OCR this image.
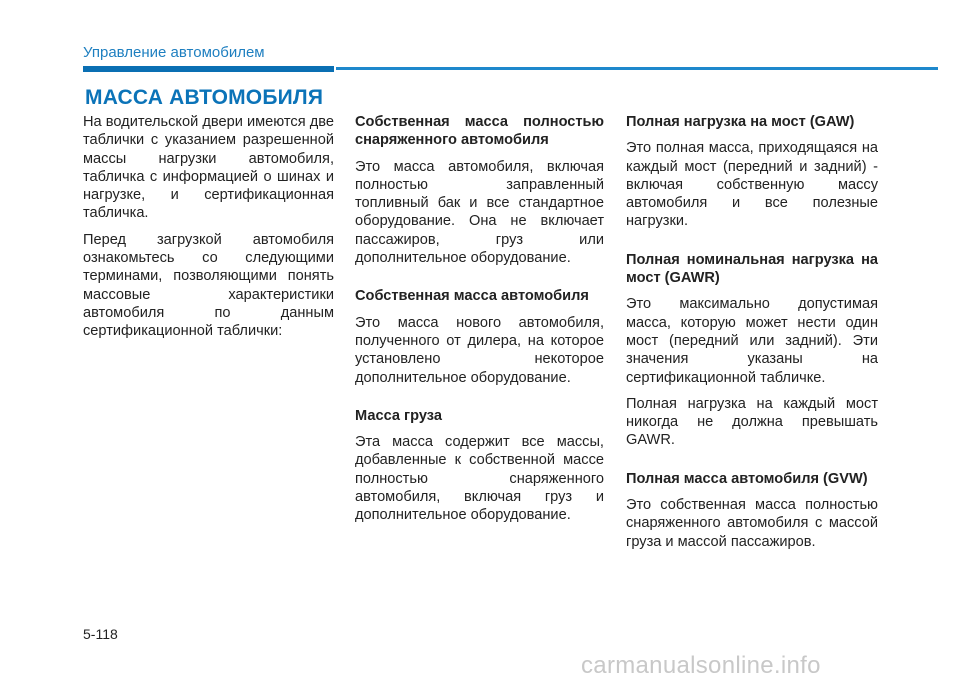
Управление автомобилем
МАССА АВТОМОБИЛЯ

На водительской двери имеются две таблички с указанием разрешенной массы нагрузки автомобиля, табличка с информацией о шинах и нагрузке, и сертификационная табличка.

Перед загрузкой автомобиля ознакомьтесь со следующими терминами, позволяющими понять массовые характеристики автомобиля по данным сертификационной таблички:

Собственная масса полностью снаряженного автомобиля

Это масса автомобиля, включая полностью заправленный топливный бак и все стандартное оборудование. Она не включает пассажиров, груз или дополнительное оборудование.

Собственная масса автомобиля

Это масса нового автомобиля, полученного от дилера, на которое установлено некоторое дополнительное оборудование.

Масса груза

Эта масса содержит все массы, добавленные к собственной массе полностью снаряженного автомобиля, включая груз и дополнительное оборудование.

Полная нагрузка на мост (GAW)

Это полная масса, приходящаяся на каждый мост (передний и задний) - включая собственную массу автомобиля и все полезные нагрузки.

Полная номинальная нагрузка на мост (GAWR)

Это максимально допустимая масса, которую может нести один мост (передний или задний). Эти значения указаны на сертификационной табличке.

Полная нагрузка на каждый мост никогда не должна превышать GAWR.

Полная масса автомобиля (GVW)

Это собственная масса полностью снаряженного автомобиля с массой груза и массой пассажиров.

5-118
carmanualsonline.info
